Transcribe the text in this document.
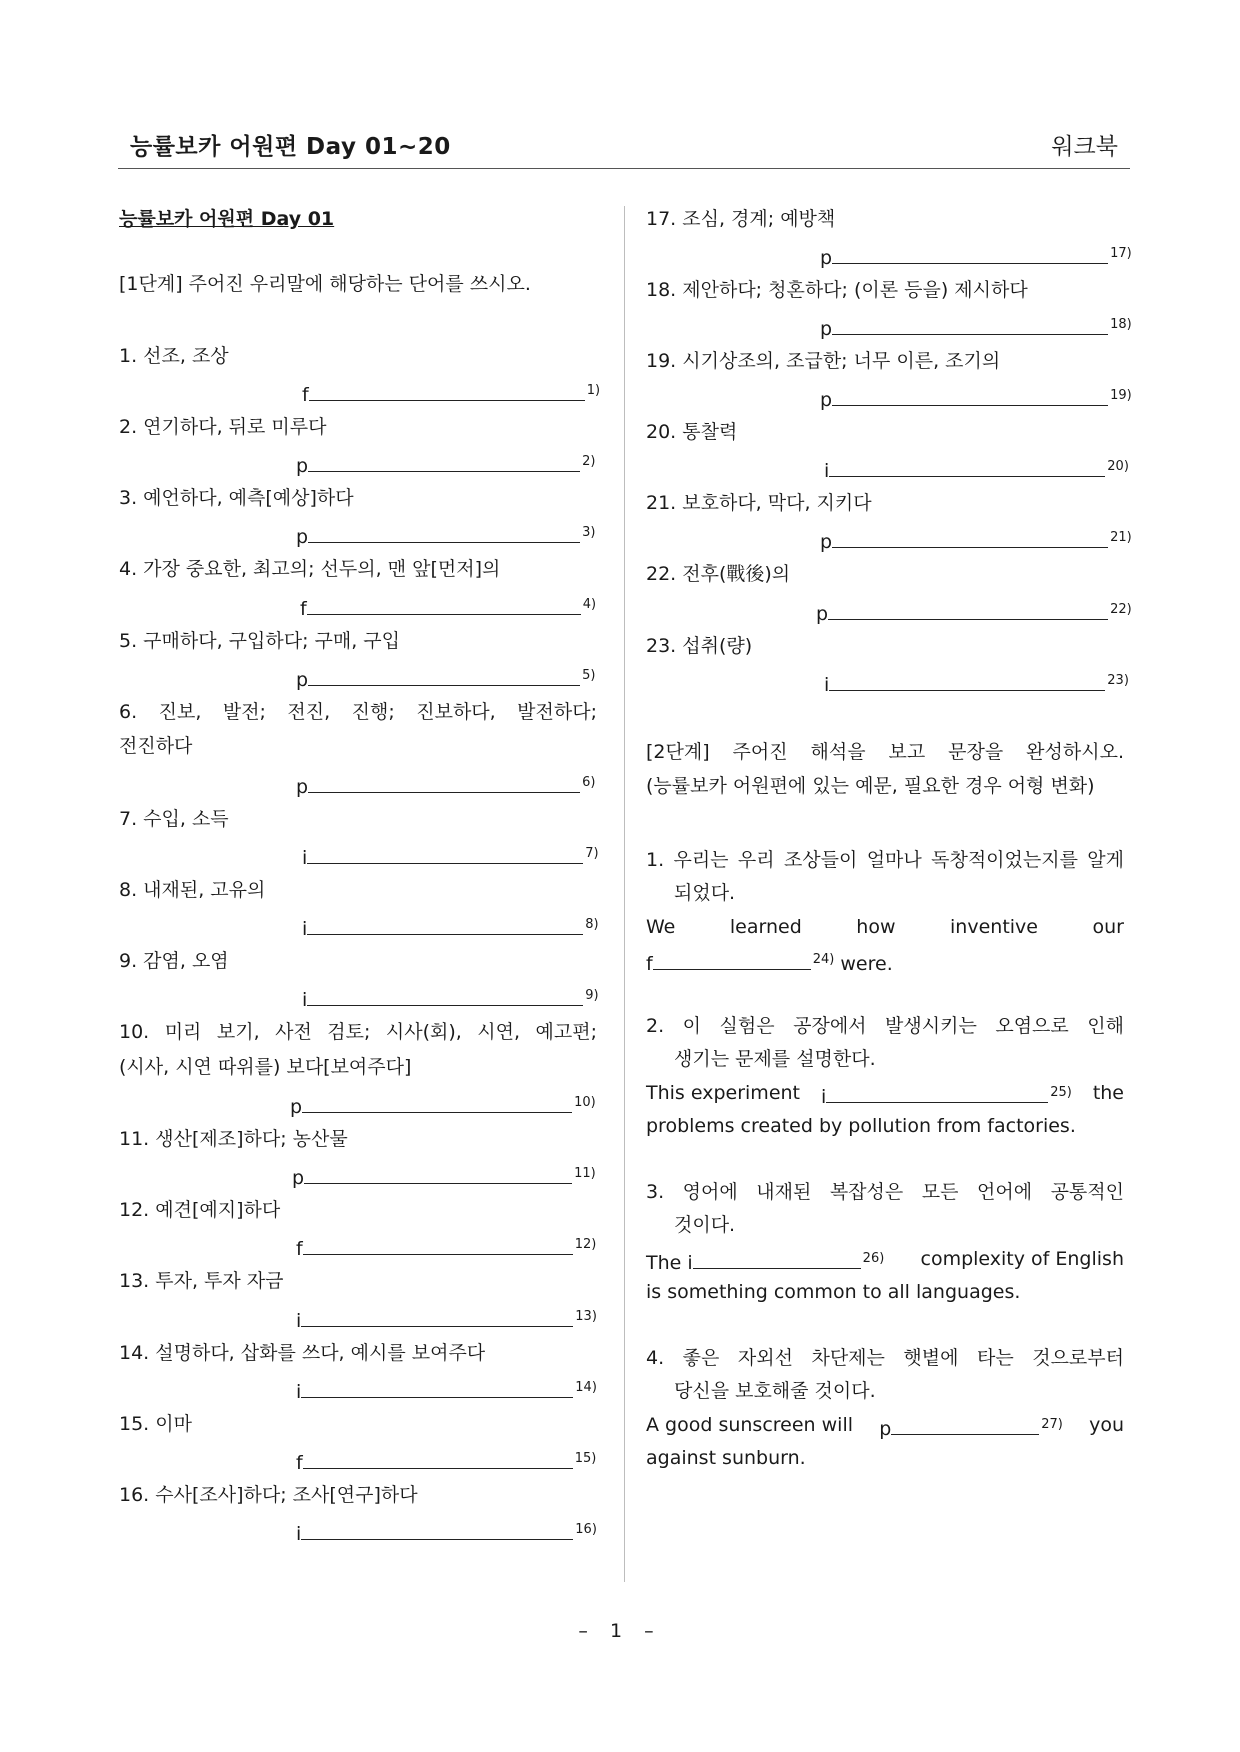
능률보카 어원편 Day 01~20	워크북
능률보카 어원편 Day 01
[1단계] 주어진 우리말에 해당하는 단어를 쓰시오.
1. 선조, 조상
f	$^{1)}$
2. 연기하다, 뒤로 미루다
p	$^{2)}$
3. 예언하다, 예측[예상]하다
p	$^{3)}$
4. 가장 중요한, 최고의; 선두의, 맨 앞[먼저]의
f	$^{4)}$
5. 구매하다, 구입하다; 구매, 구입
p	$^{5)}$
6. 진보, 발전; 전진, 진행; 진보하다, 발전하다;
전진하다
p	$^{6)}$
7. 수입, 소득
i	$^{7)}$
8. 내재된, 고유의
i	$^{8)}$
9. 감염, 오염
i	$^{9)}$
10. 미리 보기, 사전 검토; 시사(회), 시연, 예고편;
(시사, 시연 따위를) 보다[보여주다]
p	$^{10)}$
11. 생산[제조]하다; 농산물
p	$^{11)}$
12. 예견[예지]하다
f	$^{12)}$
13. 투자, 투자 자금
i	$^{13)}$
14. 설명하다, 삽화를 쓰다, 예시를 보여주다
i	$^{14)}$
15. 이마
f	$^{15)}$
16. 수사[조사]하다; 조사[연구]하다
i	$^{16)}$
17. 조심, 경계; 예방책
p	$^{17)}$
18. 제안하다; 청혼하다; (이론 등을) 제시하다
p	$^{18)}$
19. 시기상조의, 조급한; 너무 이른, 조기의
p	$^{19)}$
20. 통찰력
i	$^{20)}$
21. 보호하다, 막다, 지키다
p	$^{21)}$
22. 전후(戰後)의
p	$^{22)}$
23. 섭취(량)
i	$^{23)}$
[2단계] 주어진 해석을 보고 문장을 완성하시오.
(능률보카 어원편에 있는 예문, 필요한 경우 어형 변화)
1. 우리는 우리 조상들이 얼마나 독창적이었는지를 알게
되었다.
We learned how inventive our
f	$^{24)}$ were.
2. 이 실험은 공장에서 발생시키는 오염으로 인해
생기는 문제를 설명한다.
This experiment i	$^{25)}$ the
problems created by pollution from factories.
3. 영어에 내재된 복잡성은 모든 언어에 공통적인
것이다.
The i	$^{26)}$ complexity of English
is something common to all languages.
4. 좋은 자외선 차단제는 햇볕에 타는 것으로부터
당신을 보호해줄 것이다.
A good sunscreen will p	$^{27)}$ you
against sunburn.
– 1 –
